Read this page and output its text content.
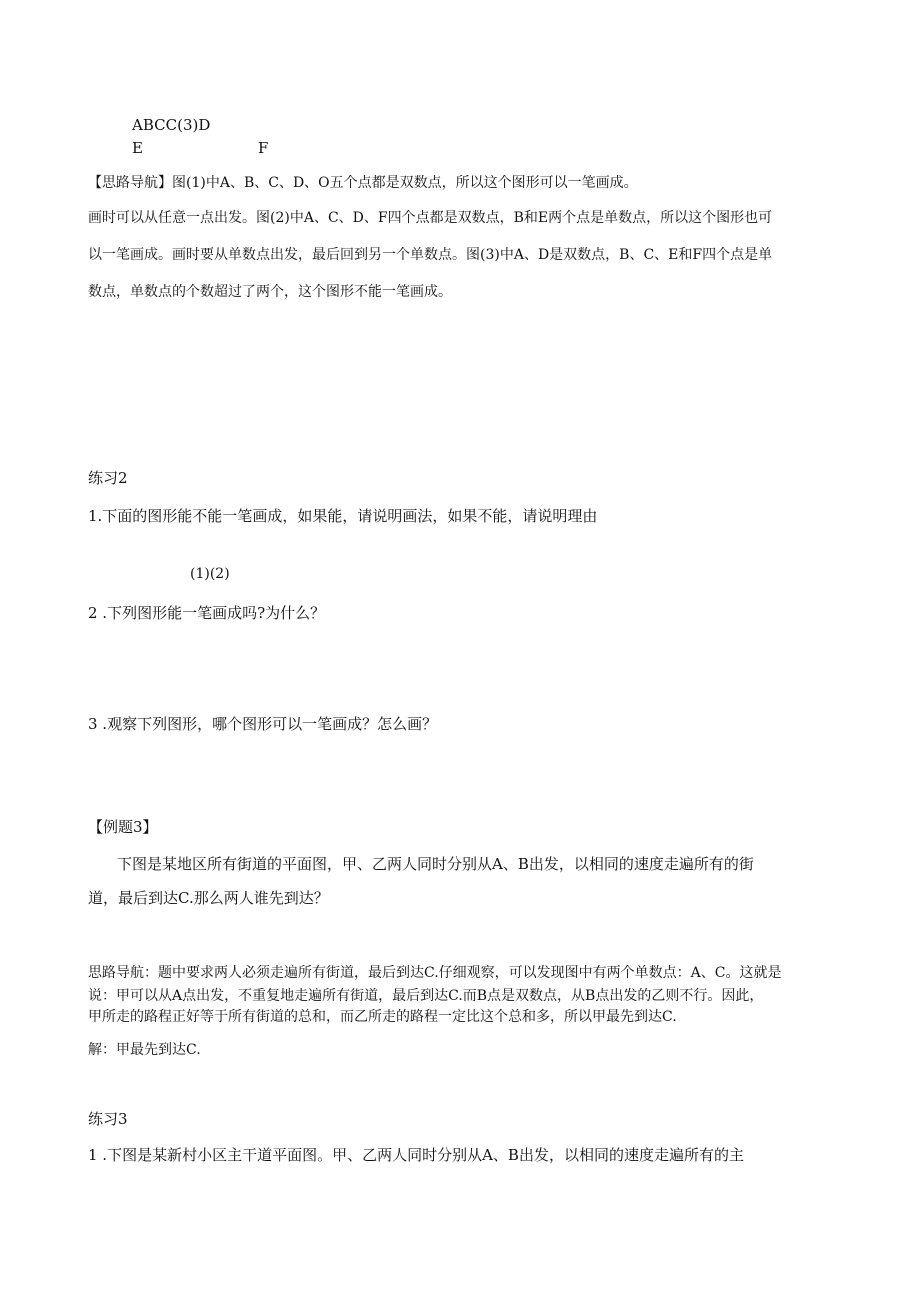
ABCC(3)D
E	F
【思路导航】图(1)中A、B、C、D、O五个点都是双数点，所以这个图形可以一笔画成。
画时可以从任意一点出发。图(2)中A、C、D、F四个点都是双数点，B和E两个点是单数点，所以这个图形也可
以一笔画成。画时要从单数点出发，最后回到另一个单数点。图(3)中A、D是双数点，B、C、E和F四个点是单
数点，单数点的个数超过了两个，这个图形不能一笔画成。
练习2
1.下面的图形能不能一笔画成，如果能，请说明画法，如果不能，请说明理由
(1)(2)
2 .下列图形能一笔画成吗?为什么？
3 .观察下列图形，哪个图形可以一笔画成？怎么画？
【例题3】
下图是某地区所有街道的平面图，甲、乙两人同时分别从A、B出发，以相同的速度走遍所有的街
道，最后到达C.那么两人谁先到达？
思路导航：题中要求两人必须走遍所有街道，最后到达C.仔细观察，可以发现图中有两个单数点：A、C。这就是
说：甲可以从A点出发，不重复地走遍所有街道，最后到达C.而B点是双数点，从B点出发的乙则不行。因此，
甲所走的路程正好等于所有街道的总和，而乙所走的路程一定比这个总和多，所以甲最先到达C.
解：甲最先到达C.
练习3
1 .下图是某新村小区主干道平面图。甲、乙两人同时分别从A、B出发，以相同的速度走遍所有的主
